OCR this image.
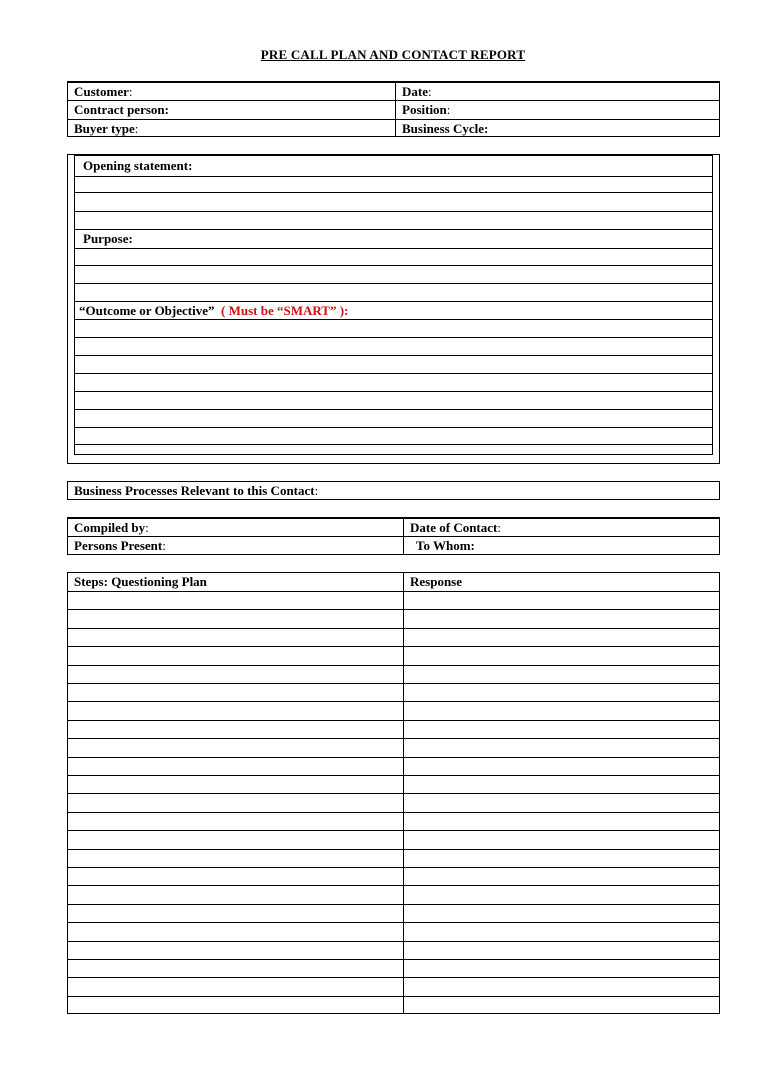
PRE CALL PLAN AND CONTACT REPORT
Customer:	Date:
Contract person:	Position:
Buyer type:	Business Cycle:
Opening statement:
Purpose:
“Outcome or Objective” ( Must be “SMART” ):
Business Processes Relevant to this Contact:
Compiled by:	Date of Contact:
Persons Present:	To Whom:
Steps: Questioning Plan	Response
